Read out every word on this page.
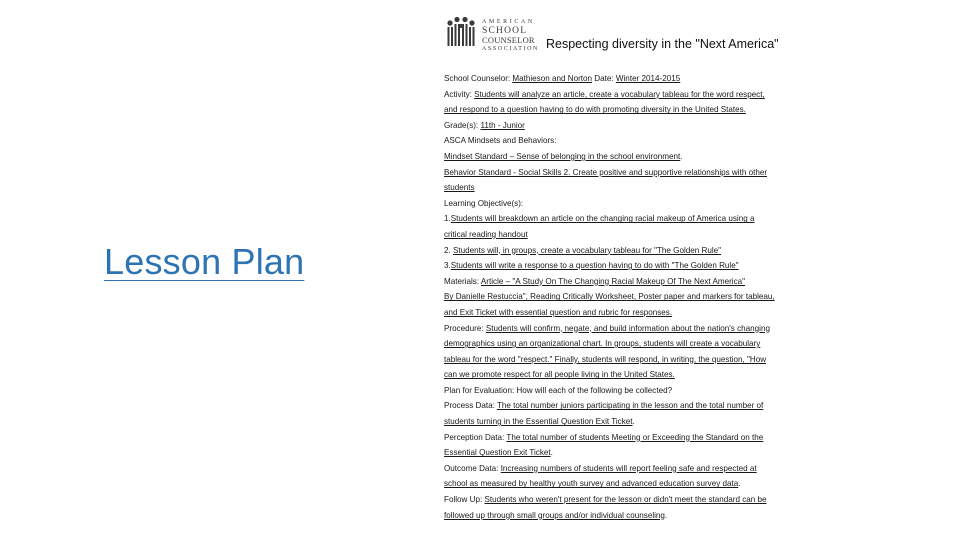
Lesson Plan
AMERICAN
SCHOOL
COUNSELOR
ASSOCIATION Respecting diversity in the "Next America"
School Counselor: Mathieson and Norton Date: Winter 2014-2015
Activity: Students will analyze an article, create a vocabulary tableau for the word respect,
and respond to a question having to do with promoting diversity in the United States.
Grade(s): 11th - Junior
ASCA Mindsets and Behaviors:
Mindset Standard – Sense of belonging in the school environment.
Behavior Standard - Social Skills 2. Create positive and supportive relationships with other
students
Learning Objective(s):
1.Students will breakdown an article on the changing racial makeup of America using a
critical reading handout
2. Students will, in groups, create a vocabulary tableau for "The Golden Rule"
3.Students will write a response to a question having to do with "The Golden Rule"
Materials: Article – "A Study On The Changing Racial Makeup Of The Next America"
By Danielle Restuccia", Reading Critically Worksheet, Poster paper and markers for tableau,
and Exit Ticket with essential question and rubric for responses.
Procedure: Students will confirm, negate, and build information about the nation's changing
demographics using an organizational chart. In groups, students will create a vocabulary
tableau for the word "respect." Finally, students will respond, in writing, the question, "How
can we promote respect for all people living in the United States.
Plan for Evaluation: How will each of the following be collected?
Process Data: The total number juniors participating in the lesson and the total number of
students turning in the Essential Question Exit Ticket.
Perception Data: The total number of students Meeting or Exceeding the Standard on the
Essential Question Exit Ticket.
Outcome Data: Increasing numbers of students will report feeling safe and respected at
school as measured by healthy youth survey and advanced education survey data.
Follow Up: Students who weren't present for the lesson or didn't meet the standard can be
followed up through small groups and/or individual counseling.
